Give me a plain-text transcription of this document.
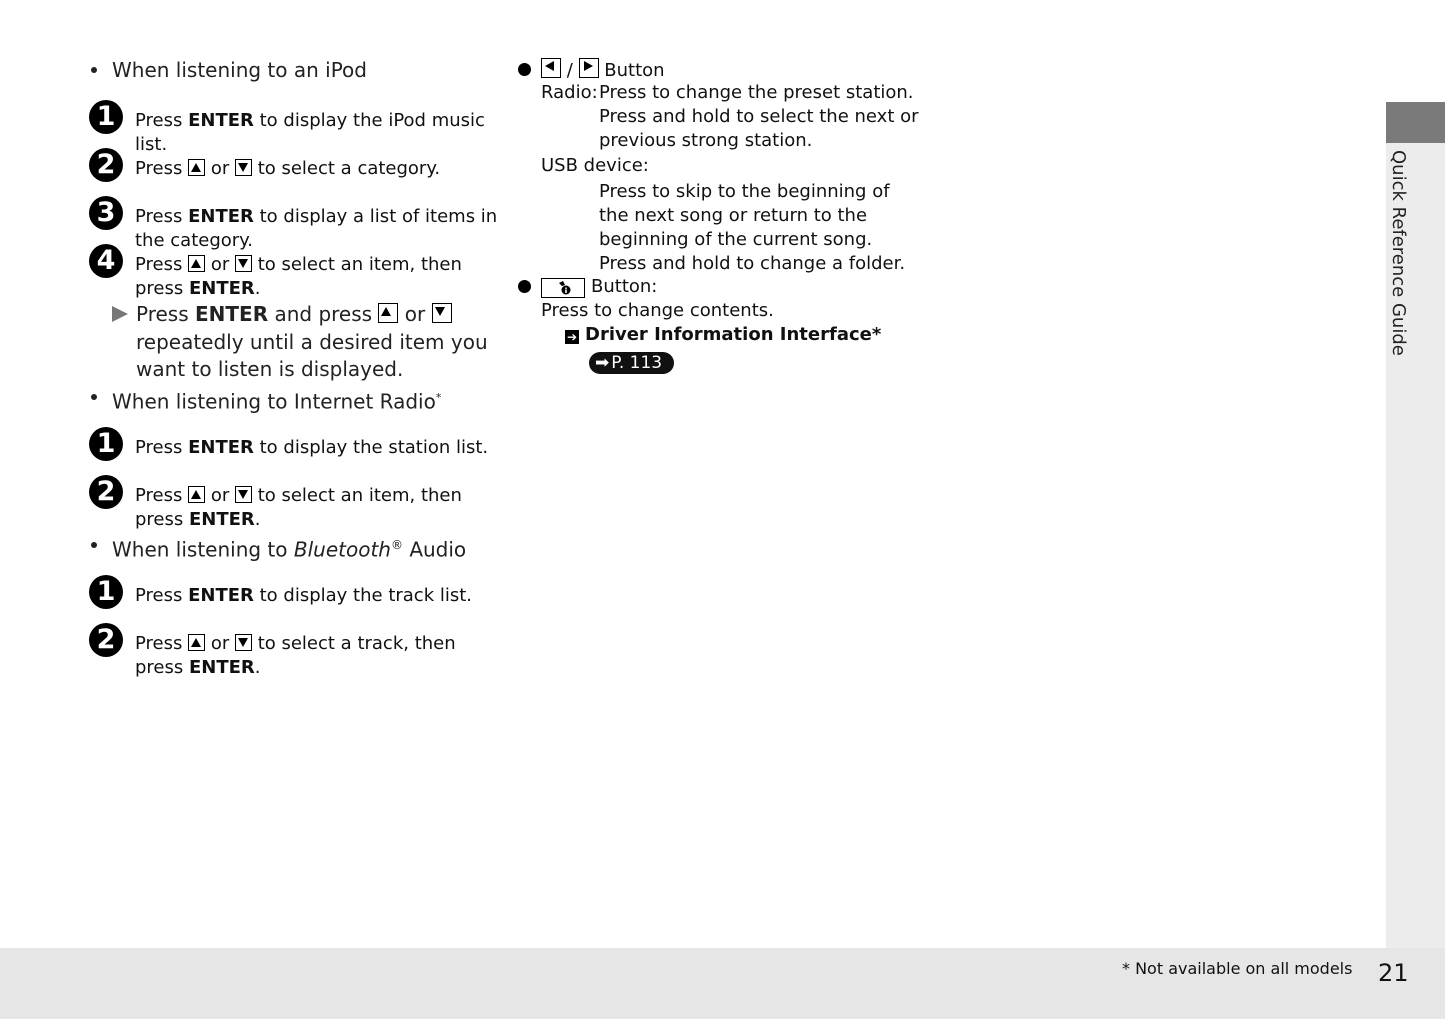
Quick Reference Guide
* Not available on all models 21
When listening to an iPod
1	Press ENTER to display the iPod music
list.
2	Press  or  to select a category.
3	Press ENTER to display a list of items in
the category.
4	Press  or  to select an item, then
press ENTER.
Press ENTER and press  or
repeatedly until a desired item you
want to listen is displayed.
When listening to Internet Radio*
1	Press ENTER to display the station list.
2	Press  or  to select an item, then
press ENTER.
When listening to Bluetooth® Audio
1	Press ENTER to display the track list.
2	Press  or  to select a track, then
press ENTER.
/ Button
Radio: Press to change the preset station.
Press and hold to select the next or
previous strong station.
USB device:
Press to skip to the beginning of
the next song or return to the
beginning of the current song.
Press and hold to change a folder.
Button:
Press to change contents.
➔ Driver Information Interface*
➡ P. 113
